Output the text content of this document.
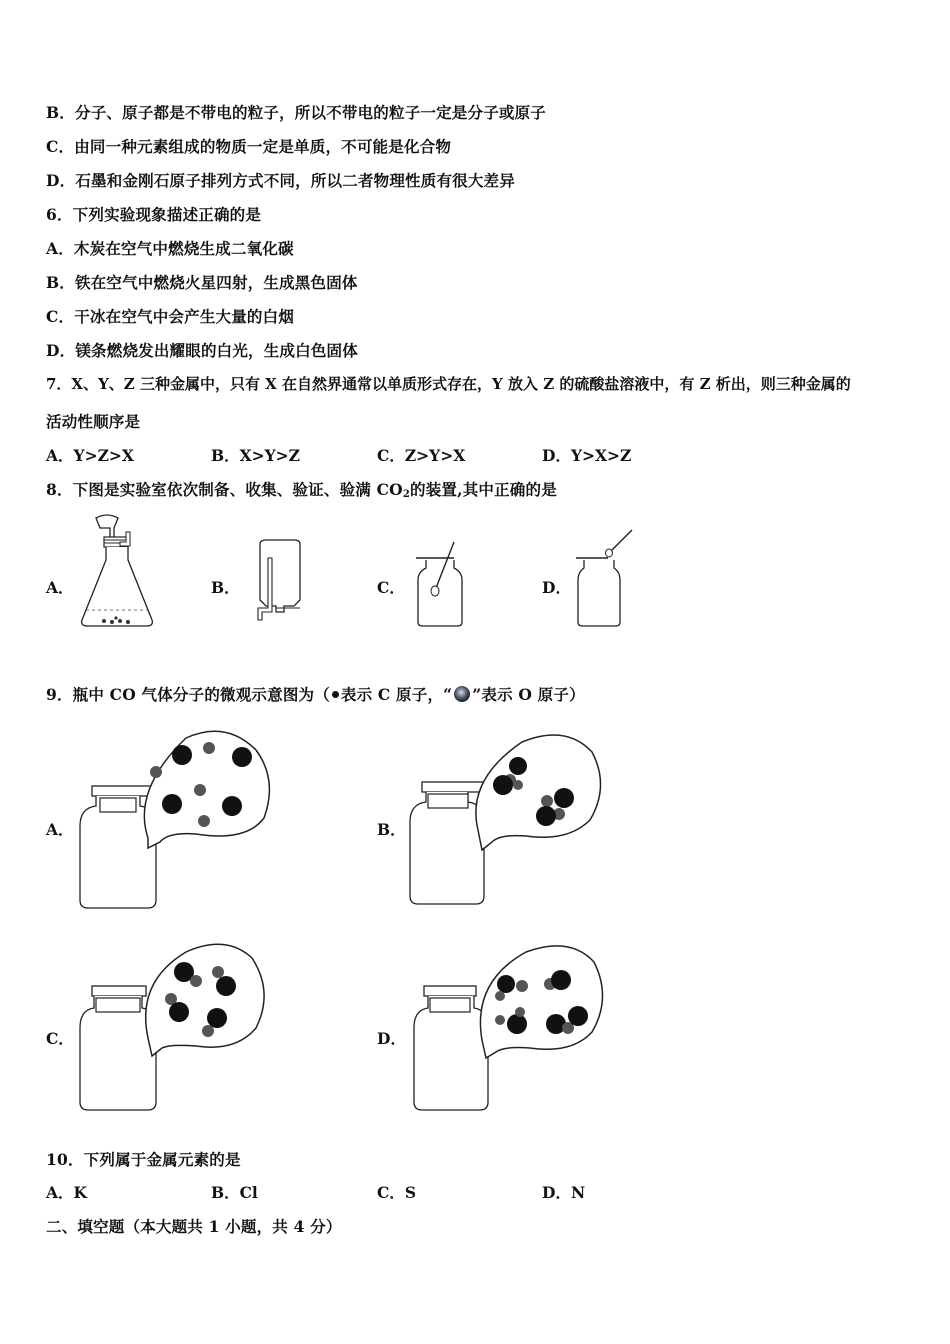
B．分子、原子都是不带电的粒子，所以不带电的粒子一定是分子或原子
C．由同一种元素组成的物质一定是单质，不可能是化合物
D．石墨和金刚石原子排列方式不同，所以二者物理性质有很大差异
6．下列实验现象描述正确的是
A．木炭在空气中燃烧生成二氧化碳
B．铁在空气中燃烧火星四射，生成黑色固体
C．干冰在空气中会产生大量的白烟
D．镁条燃烧发出耀眼的白光，生成白色固体
7．X、Y、Z 三种金属中，只有 X 在自然界通常以单质形式存在，Y 放入 Z 的硫酸盐溶液中，有 Z 析出，则三种金属的
活动性顺序是
A．Y>Z>X	B．X>Y>Z	C．Z>Y>X	D．Y>X>Z
8．下图是实验室依次制备、收集、验证、验满 $CO_2$的装置,其中正确的是
A．	B．	C．	D．
9．瓶中 CO 气体分子的微观示意图为（ 表示 C 原子，“ ”表示 O 原子）
A．	B．
C．	D．
10．下列属于金属元素的是
A．K	B．Cl	C．S	D．N
二、填空题（本大题共 1 小题，共 4 分）
